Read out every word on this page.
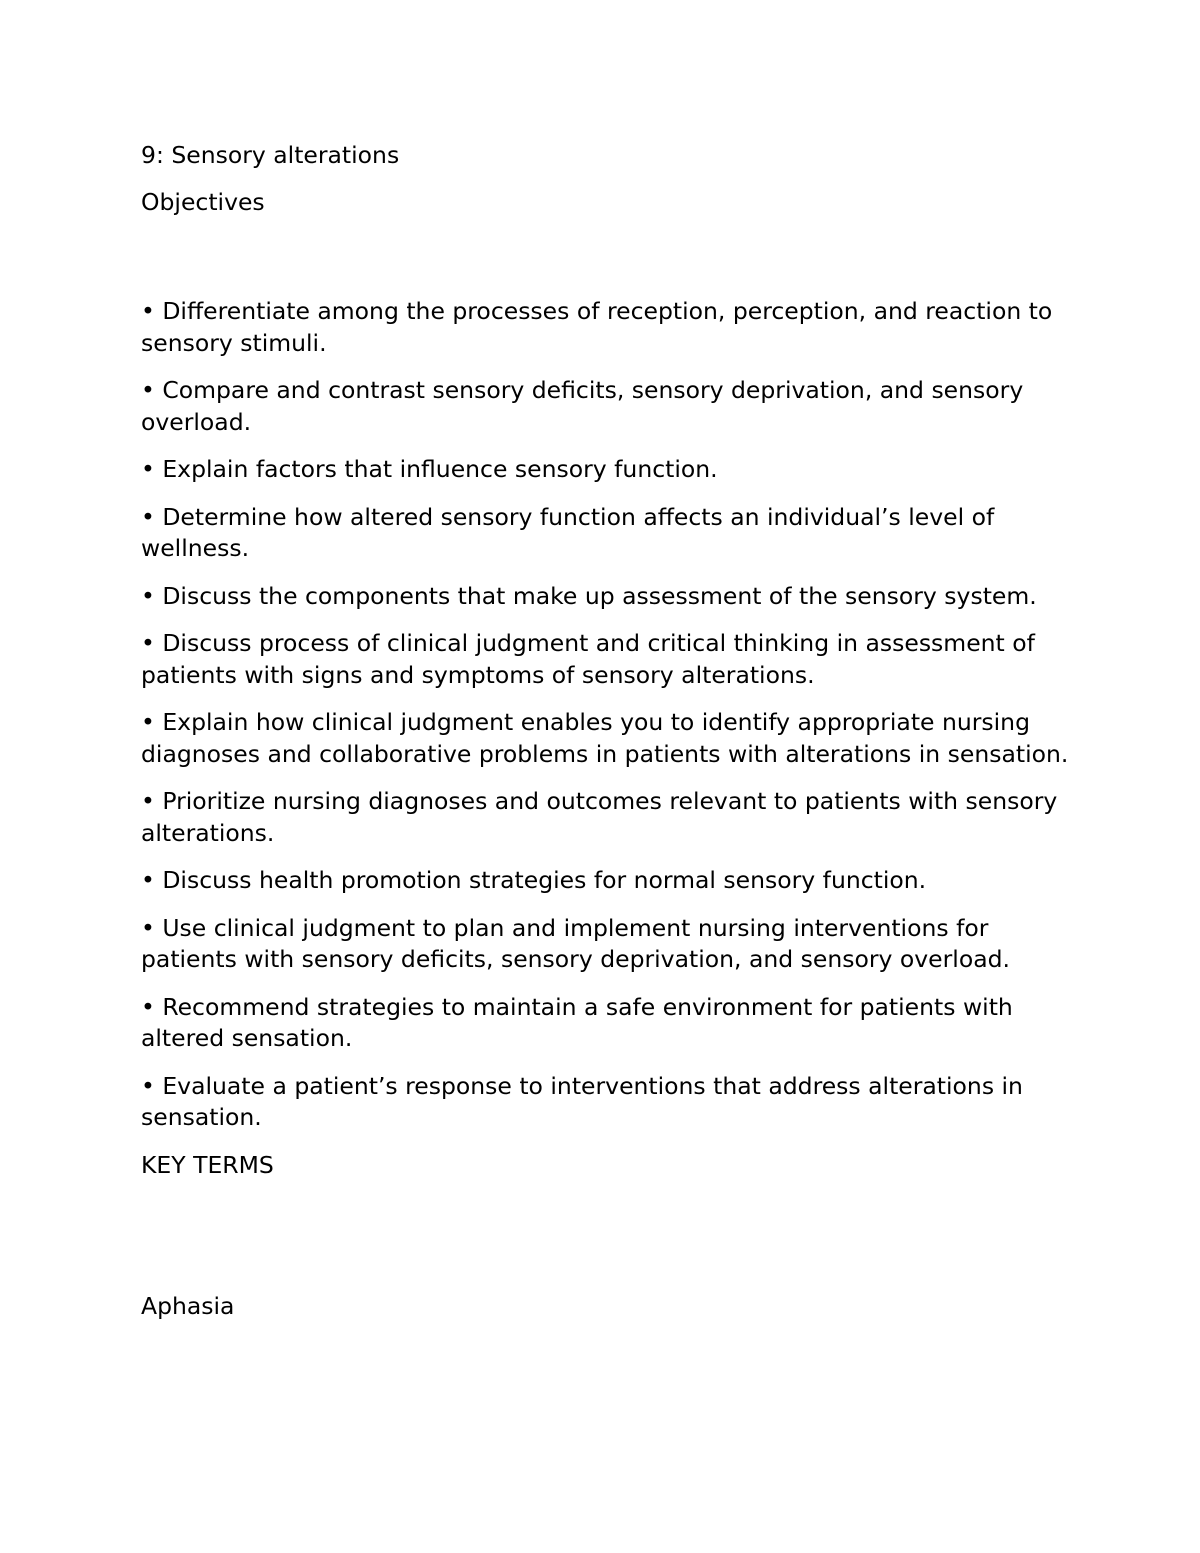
9: Sensory alterations

Objectives

• Differentiate among the processes of reception, perception, and reaction to sensory stimuli.

• Compare and contrast sensory deficits, sensory deprivation, and sensory overload.

• Explain factors that influence sensory function.

• Determine how altered sensory function affects an individual’s level of wellness.

• Discuss the components that make up assessment of the sensory system.

• Discuss process of clinical judgment and critical thinking in assessment of patients with signs and symptoms of sensory alterations.

• Explain how clinical judgment enables you to identify appropriate nursing diagnoses and collaborative problems in patients with alterations in sensation.

• Prioritize nursing diagnoses and outcomes relevant to patients with sensory alterations.

• Discuss health promotion strategies for normal sensory function.

• Use clinical judgment to plan and implement nursing interventions for patients with sensory deficits, sensory deprivation, and sensory overload.

• Recommend strategies to maintain a safe environment for patients with altered sensation.

• Evaluate a patient’s response to interventions that address alterations in sensation.

KEY TERMS

Aphasia
